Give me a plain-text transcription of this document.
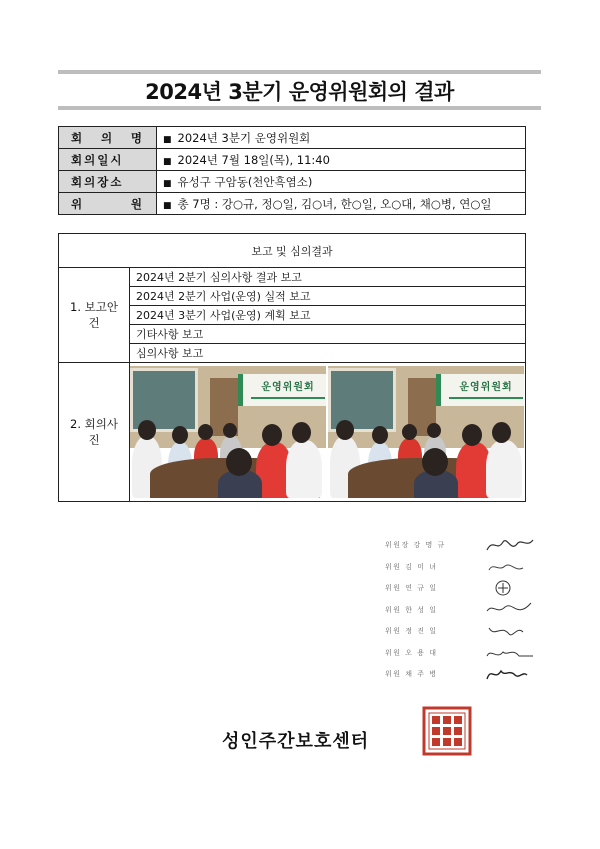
2024년 3분기 운영위원회의 결과
회 의 명	■ 2024년 3분기 운영위원회
회의일시	■ 2024년 7월 18일(목), 11:40
회의장소	■ 유성구 구암동(천안흑염소)
위 원	■ 총 7명 : 강○규, 정○일, 김○녀, 한○일, 오○대, 채○병, 연○일
보고 및 심의결과	
1. 보고안건	2024년 2분기 심의사항 결과 보고
	2024년 2분기 사업(운영) 실적 보고
	2024년 3분기 사업(운영) 계획 보고
	기타사항 보고
	심의사항 보고
2. 회의사진	운영위원회 운영위원회
위원장 강 명 규
위원 김 미 녀
위원 연 규 일
위원 한 성 일
위원 정 진 일
위원 오 용 대
위원 채 주 병
성인주간보호센터
